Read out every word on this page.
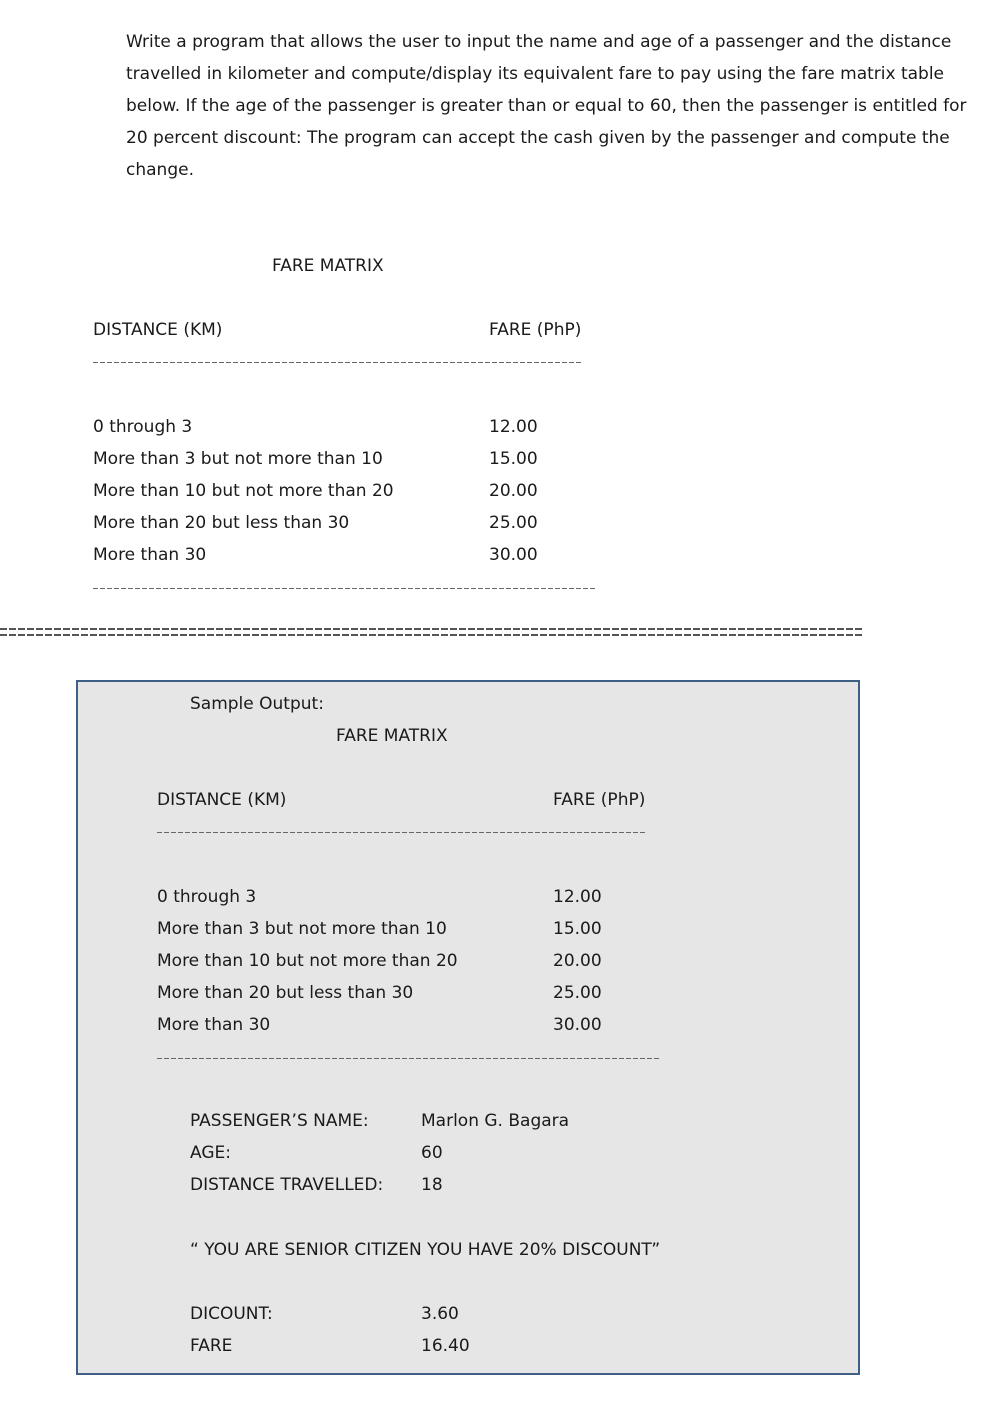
Write a program that allows the user to input the name and age of a passenger and the distance
travelled in kilometer and compute/display its equivalent fare to pay using the fare matrix table
below. If the age of the passenger is greater than or equal to 60, then the passenger is entitled for
20 percent discount: The program can accept the cash given by the passenger and compute the
change.
FARE MATRIX
DISTANCE (KM)	FARE (PhP)
0 through 3	12.00
More than 3 but not more than 10	15.00
More than 10 but not more than 20	20.00
More than 20 but less than 30	25.00
More than 30	30.00
Sample Output:
FARE MATRIX
DISTANCE (KM)	FARE (PhP)
0 through 3	12.00
More than 3 but not more than 10	15.00
More than 10 but not more than 20	20.00
More than 20 but less than 30	25.00
More than 30	30.00
PASSENGER’S NAME:	Marlon G. Bagara
AGE:	60
DISTANCE TRAVELLED: 18
“ YOU ARE SENIOR CITIZEN YOU HAVE 20% DISCOUNT”
DICOUNT:	3.60
FARE	16.40
